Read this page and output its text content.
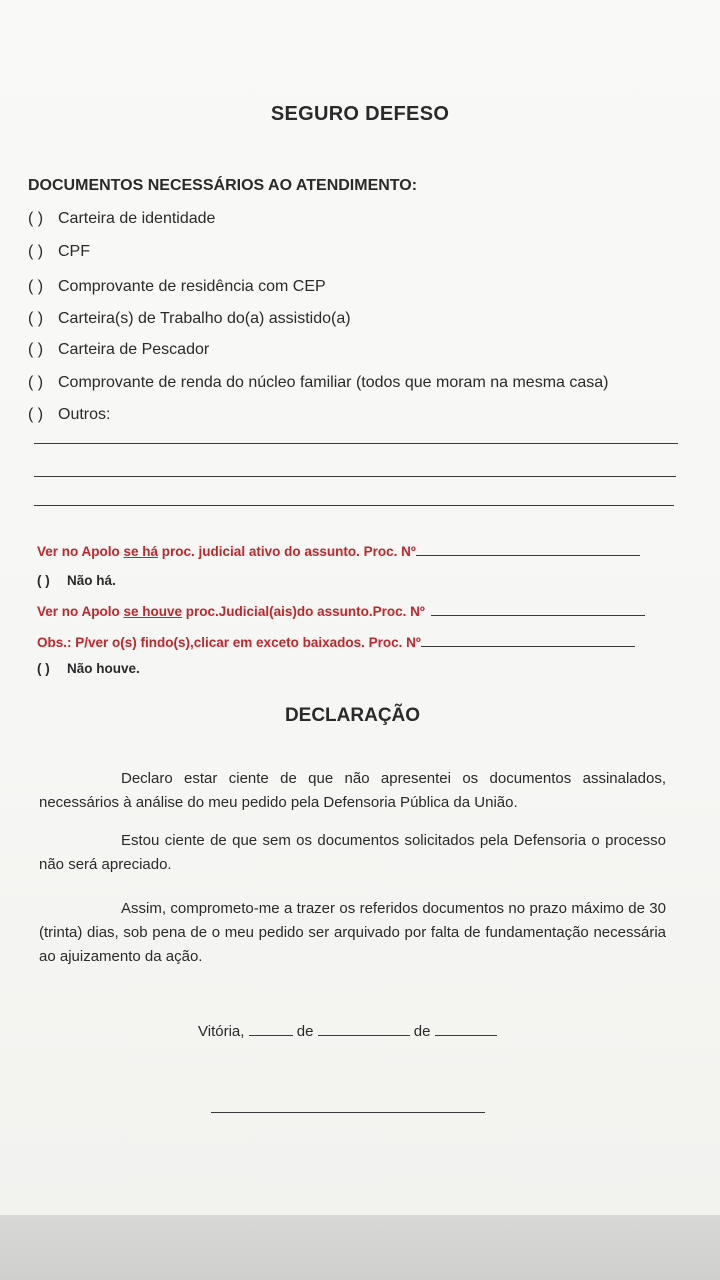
SEGURO DEFESO
DOCUMENTOS NECESSÁRIOS AO ATENDIMENTO:
( ) Carteira de identidade
( ) CPF
( ) Comprovante de residência com CEP
( ) Carteira(s) de Trabalho do(a) assistido(a)
( ) Carteira de Pescador
( ) Comprovante de renda do núcleo familiar (todos que moram na mesma casa)
( ) Outros:
Ver no Apolo se há proc. judicial ativo do assunto. Proc. Nº
( ) Não há.
Ver no Apolo se houve proc.Judicial(ais)do assunto.Proc. Nº
Obs.: P/ver o(s) findo(s),clicar em exceto baixados. Proc. Nº
( ) Não houve.
DECLARAÇÃO
Declaro estar ciente de que não apresentei os documentos assinalados, necessários à análise do meu pedido pela Defensoria Pública da União.
Estou ciente de que sem os documentos solicitados pela Defensoria o processo não será apreciado.
Assim, comprometo-me a trazer os referidos documentos no prazo máximo de 30 (trinta) dias, sob pena de o meu pedido ser arquivado por falta de fundamentação necessária ao ajuizamento da ação.
Vitória,	de	de
